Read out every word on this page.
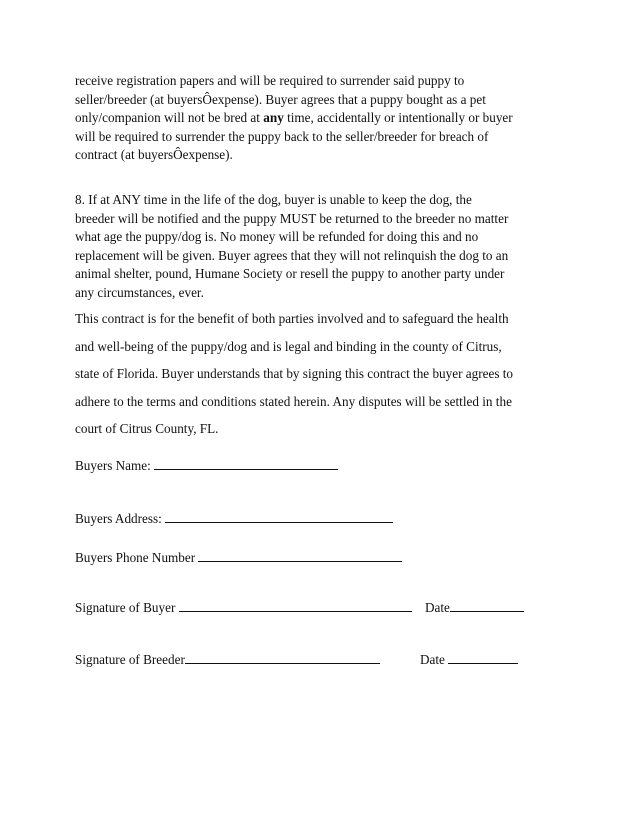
receive registration papers and will be required to surrender said puppy to
seller/breeder (at buyersÔexpense). Buyer agrees that a puppy bought as a pet
only/companion will not be bred at any time, accidentally or intentionally or buyer
will be required to surrender the puppy back to the seller/breeder for breach of
contract (at buyersÔexpense).
8. If at ANY time in the life of the dog, buyer is unable to keep the dog, the
breeder will be notified and the puppy MUST be returned to the breeder no matter
what age the puppy/dog is. No money will be refunded for doing this and no
replacement will be given. Buyer agrees that they will not relinquish the dog to an
animal shelter, pound, Humane Society or resell the puppy to another party under
any circumstances, ever.
This contract is for the benefit of both parties involved and to safeguard the health
and well-being of the puppy/dog and is legal and binding in the county of Citrus,
state of Florida. Buyer understands that by signing this contract the buyer agrees to
adhere to the terms and conditions stated herein. Any disputes will be settled in the
court of Citrus County, FL.
Buyers Name:
Buyers Address:
Buyers Phone Number
Signature of Buyer	Date
Signature of Breeder	Date
